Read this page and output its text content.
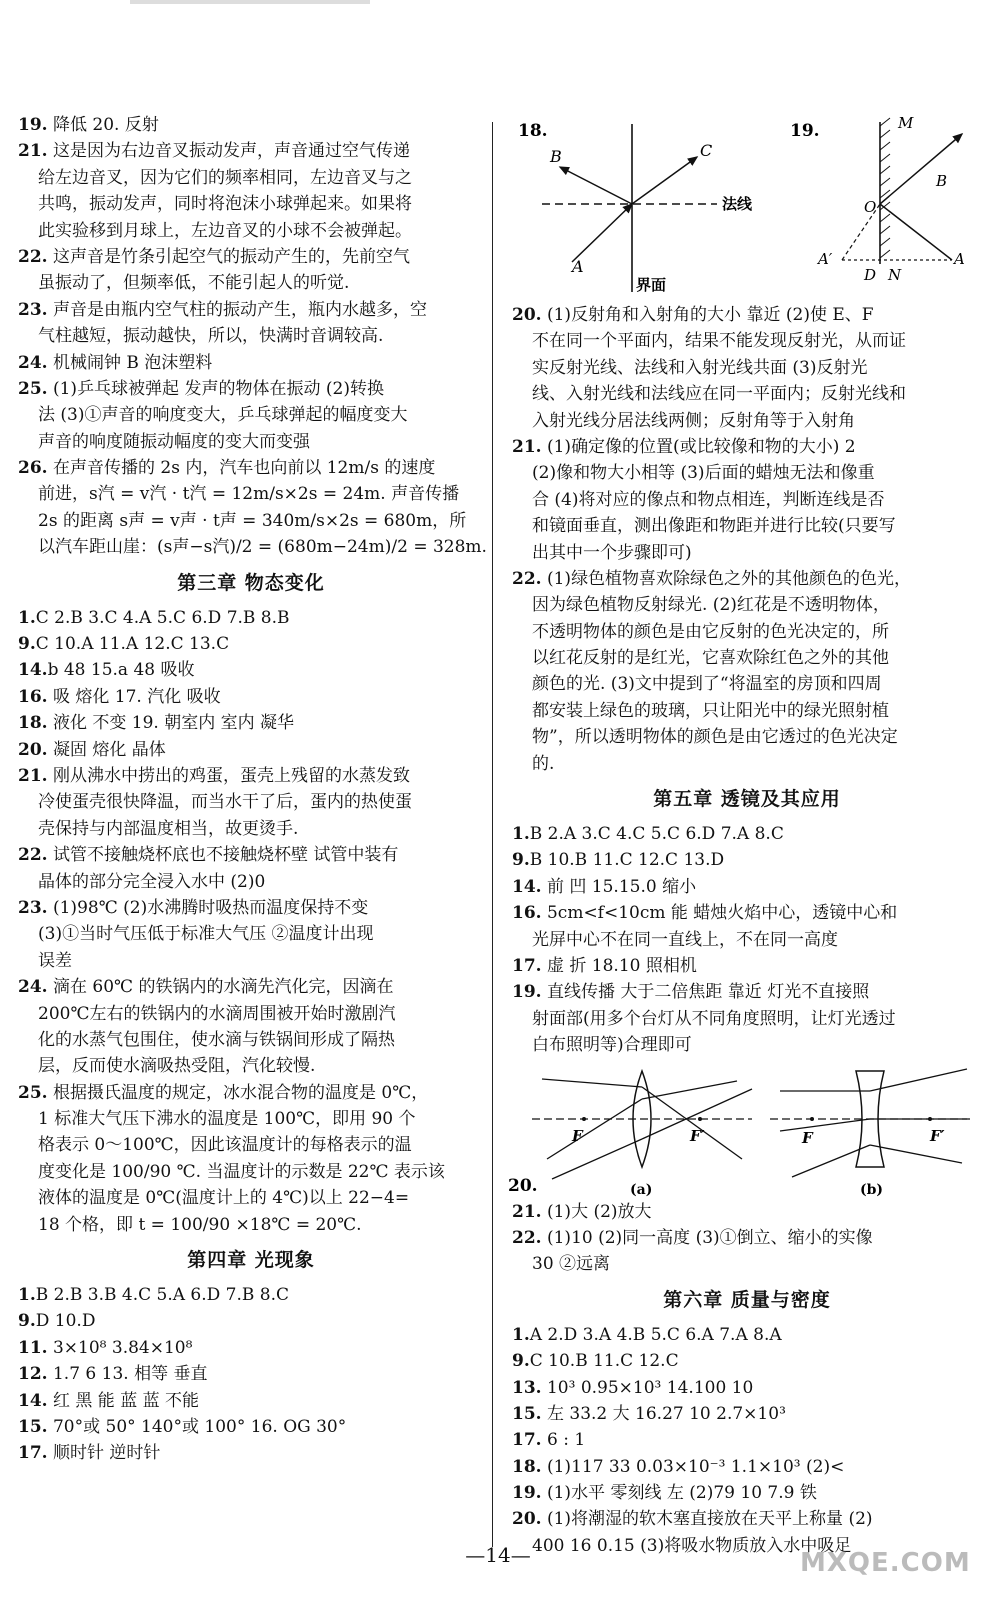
19. 降低 20. 反射
21. 这是因为右边音叉振动发声，声音通过空气传递
给左边音叉，因为它们的频率相同，左边音叉与之
共鸣，振动发声，同时将泡沫小球弹起来。如果将
此实验移到月球上，左边音叉的小球不会被弹起。
22. 这声音是竹条引起空气的振动产生的，先前空气
虽振动了，但频率低，不能引起人的听觉.
23. 声音是由瓶内空气柱的振动产生，瓶内水越多，空
气柱越短，振动越快，所以，快满时音调较高.
24. 机械闹钟 B 泡沫塑料
25. (1)乒乓球被弹起 发声的物体在振动 (2)转换
法 (3)①声音的响度变大，乒乓球弹起的幅度变大
声音的响度随振动幅度的变大而变强
26. 在声音传播的 2s 内，汽车也向前以 12m/s 的速度
前进，s汽 = v汽 · t汽 = 12m/s×2s = 24m. 声音传播
2s 的距离 s声 = v声 · t声 = 340m/s×2s = 680m，所
以汽车距山崖：(s声−s汽)/2 = (680m−24m)/2 = 328m.
第三章 物态变化
1.C 2.B 3.C 4.A 5.C 6.D 7.B 8.B
9.C 10.A 11.A 12.C 13.C
14.b 48 15.a 48 吸收
16. 吸 熔化 17. 汽化 吸收
18. 液化 不变 19. 朝室内 室内 凝华
20. 凝固 熔化 晶体
21. 刚从沸水中捞出的鸡蛋，蛋壳上残留的水蒸发致
冷使蛋壳很快降温，而当水干了后，蛋内的热使蛋
壳保持与内部温度相当，故更烫手.
22. 试管不接触烧杯底也不接触烧杯壁 试管中装有
晶体的部分完全浸入水中 (2)0
23. (1)98℃ (2)水沸腾时吸热而温度保持不变
(3)①当时气压低于标准大气压 ②温度计出现
误差
24. 滴在 60℃ 的铁锅内的水滴先汽化完，因滴在
200℃左右的铁锅内的水滴周围被开始时激剧汽
化的水蒸气包围住，使水滴与铁锅间形成了隔热
层，反而使水滴吸热受阻，汽化较慢.
25. 根据摄氏温度的规定，冰水混合物的温度是 0℃，
1 标准大气压下沸水的温度是 100℃，即用 90 个
格表示 0～100℃，因此该温度计的每格表示的温
度变化是 100/90 ℃. 当温度计的示数是 22℃ 表示该
液体的温度是 0℃(温度计上的 4℃)以上 22−4=
18 个格，即 t = 100/90 ×18℃ = 20℃.
第四章 光现象
1.B 2.B 3.B 4.C 5.A 6.D 7.B 8.C
9.D 10.D
11. 3×10⁸ 3.84×10⁸
12. 1.7 6 13. 相等 垂直
14. 红 黑 能 蓝 蓝 不能
15. 70°或 50° 140°或 100° 16. OG 30°
17. 顺时针 逆时针
18.
B	C
A
法线
界面
19.	M
O
B
A′
D N
A
20. (1)反射角和入射角的大小 靠近 (2)使 E、F
不在同一个平面内，结果不能发现反射光，从而证
实反射光线、法线和入射光线共面 (3)反射光
线、入射光线和法线应在同一平面内；反射光线和
入射光线分居法线两侧；反射角等于入射角
21. (1)确定像的位置(或比较像和物的大小) 2
(2)像和物大小相等 (3)后面的蜡烛无法和像重
合 (4)将对应的像点和物点相连，判断连线是否
和镜面垂直，测出像距和物距并进行比较(只要写
出其中一个步骤即可)
22. (1)绿色植物喜欢除绿色之外的其他颜色的色光，
因为绿色植物反射绿光. (2)红花是不透明物体，
不透明物体的颜色是由它反射的色光决定的，所
以红花反射的是红光，它喜欢除红色之外的其他
颜色的光. (3)文中提到了“将温室的房顶和四周
都安装上绿色的玻璃，只让阳光中的绿光照射植
物”，所以透明物体的颜色是由它透过的色光决定
的.
第五章 透镜及其应用
1.B 2.A 3.C 4.C 5.C 6.D 7.A 8.C
9.B 10.B 11.C 12.C 13.D
14. 前 凹 15.15.0 缩小
16. 5cm<f<10cm 能 蜡烛火焰中心，透镜中心和
光屏中心不在同一直线上，不在同一高度
17. 虚 折 18.10 照相机
19. 直线传播 大于二倍焦距 靠近 灯光不直接照
射面部(用多个台灯从不同角度照明，让灯光透过
白布照明等)合理即可
20.
F	F′
(a)
F	F′
(b)
21. (1)大 (2)放大
22. (1)10 (2)同一高度 (3)①倒立、缩小的实像
30 ②远离
第六章 质量与密度
1.A 2.D 3.A 4.B 5.C 6.A 7.A 8.A
9.C 10.B 11.C 12.C
13. 10³ 0.95×10³ 14.100 10
15. 左 33.2 大 16.27 10 2.7×10³
17. 6 : 1
18. (1)117 33 0.03×10⁻³ 1.1×10³ (2)<
19. (1)水平 零刻线 左 (2)79 10 7.9 铁
20. (1)将潮湿的软木塞直接放在天平上称量 (2)
400 16 0.15 (3)将吸水物质放入水中吸足
—14—	MXQE.COM
